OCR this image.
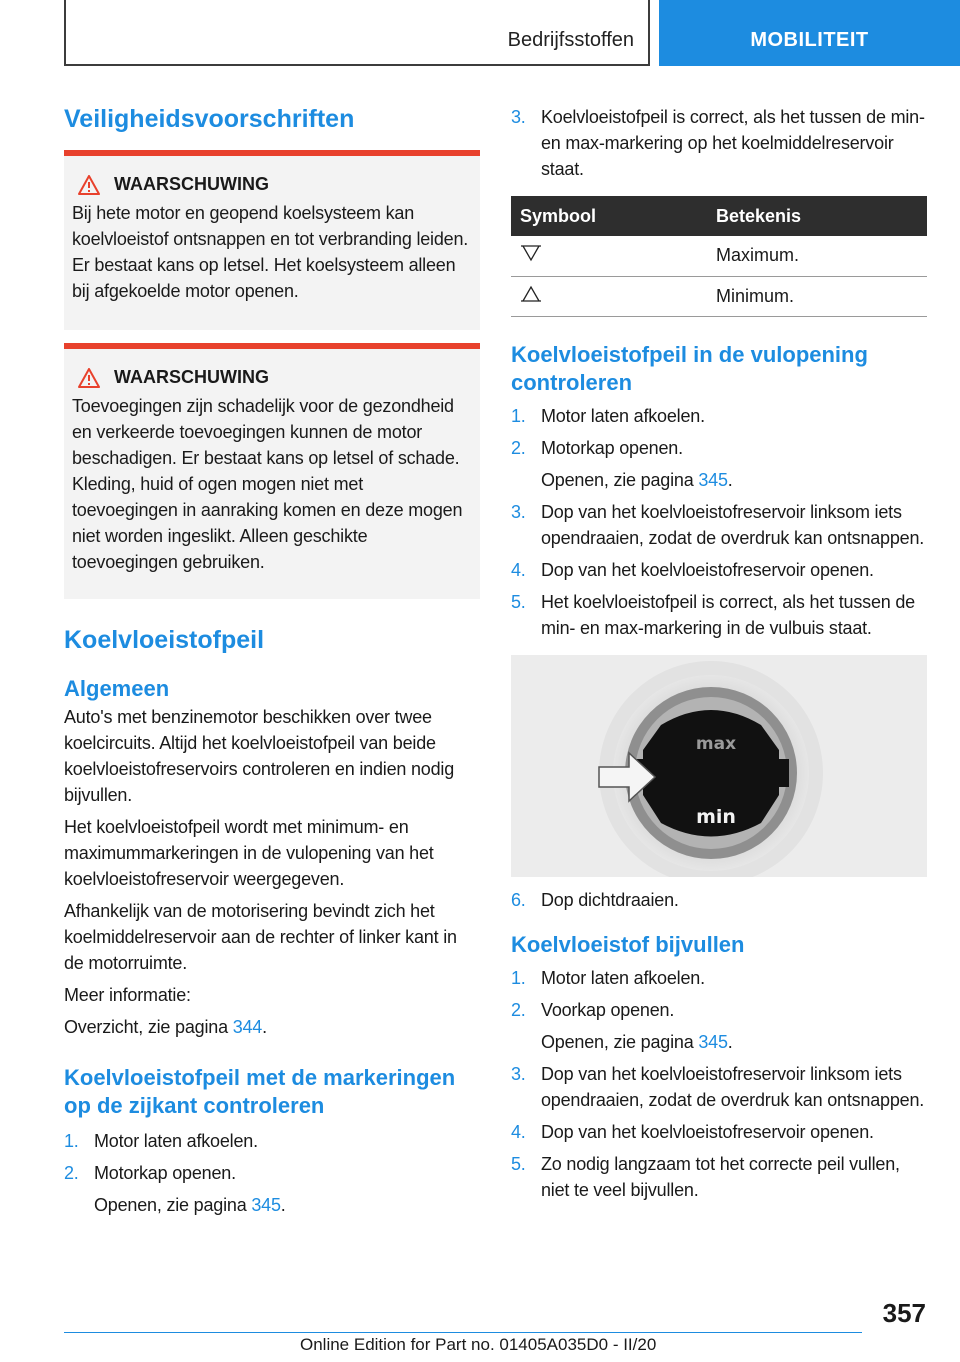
Bedrijfsstoffen	MOBILITEIT
Veiligheidsvoorschriften
WAARSCHUWING

Bij hete motor en geopend koelsysteem kan koelvloeistof ontsnappen en tot verbranding leiden. Er bestaat kans op letsel. Het koelsysteem alleen bij afgekoelde motor openen.

WAARSCHUWING

Toevoegingen zijn schadelijk voor de gezondheid en verkeerde toevoegingen kunnen de motor beschadigen. Er bestaat kans op letsel of schade. Kleding, huid of ogen mogen niet met toevoegingen in aanraking komen en deze mogen niet worden ingeslikt. Alleen geschikte toevoegingen gebruiken.

Koelvloeistofpeil
Algemeen

Auto's met benzinemotor beschikken over twee koelcircuits. Altijd het koelvloeistofpeil van beide koelvloeistofreservoirs controleren en indien nodig bijvullen.

Het koelvloeistofpeil wordt met minimum- en maximummarkeringen in de vulopening van het koelvloeistofreservoir weergegeven.

Afhankelijk van de motorisering bevindt zich het koelmiddelreservoir aan de rechter of linker kant in de motorruimte.

Meer informatie:

Overzicht, zie pagina 344.

Koelvloeistofpeil met de markeringen op de zijkant controleren
1. Motor laten afkoelen.
2. Motorkap openen.
Openen, zie pagina 345.
3. Koelvloeistofpeil is correct, als het tussen de min- en max-markering op het koelmiddelreservoir staat.
Symbool	Betekenis
	Maximum.
	Minimum.
Koelvloeistofpeil in de vulopening controleren
1. Motor laten afkoelen.
2. Motorkap openen.
Openen, zie pagina 345.
3. Dop van het koelvloeistofreservoir linksom iets opendraaien, zodat de overdruk kan ontsnappen.
4. Dop van het koelvloeistofreservoir openen.
5. Het koelvloeistofpeil is correct, als het tussen de min- en max-markering in de vulbuis staat.
max
min
6. Dop dichtdraaien.
Koelvloeistof bijvullen
1. Motor laten afkoelen.
2. Voorkap openen.
Openen, zie pagina 345.
3. Dop van het koelvloeistofreservoir linksom iets opendraaien, zodat de overdruk kan ontsnappen.
4. Dop van het koelvloeistofreservoir openen.
5. Zo nodig langzaam tot het correcte peil vullen, niet te veel bijvullen.
357
Online Edition for Part no. 01405A035D0 - II/20
